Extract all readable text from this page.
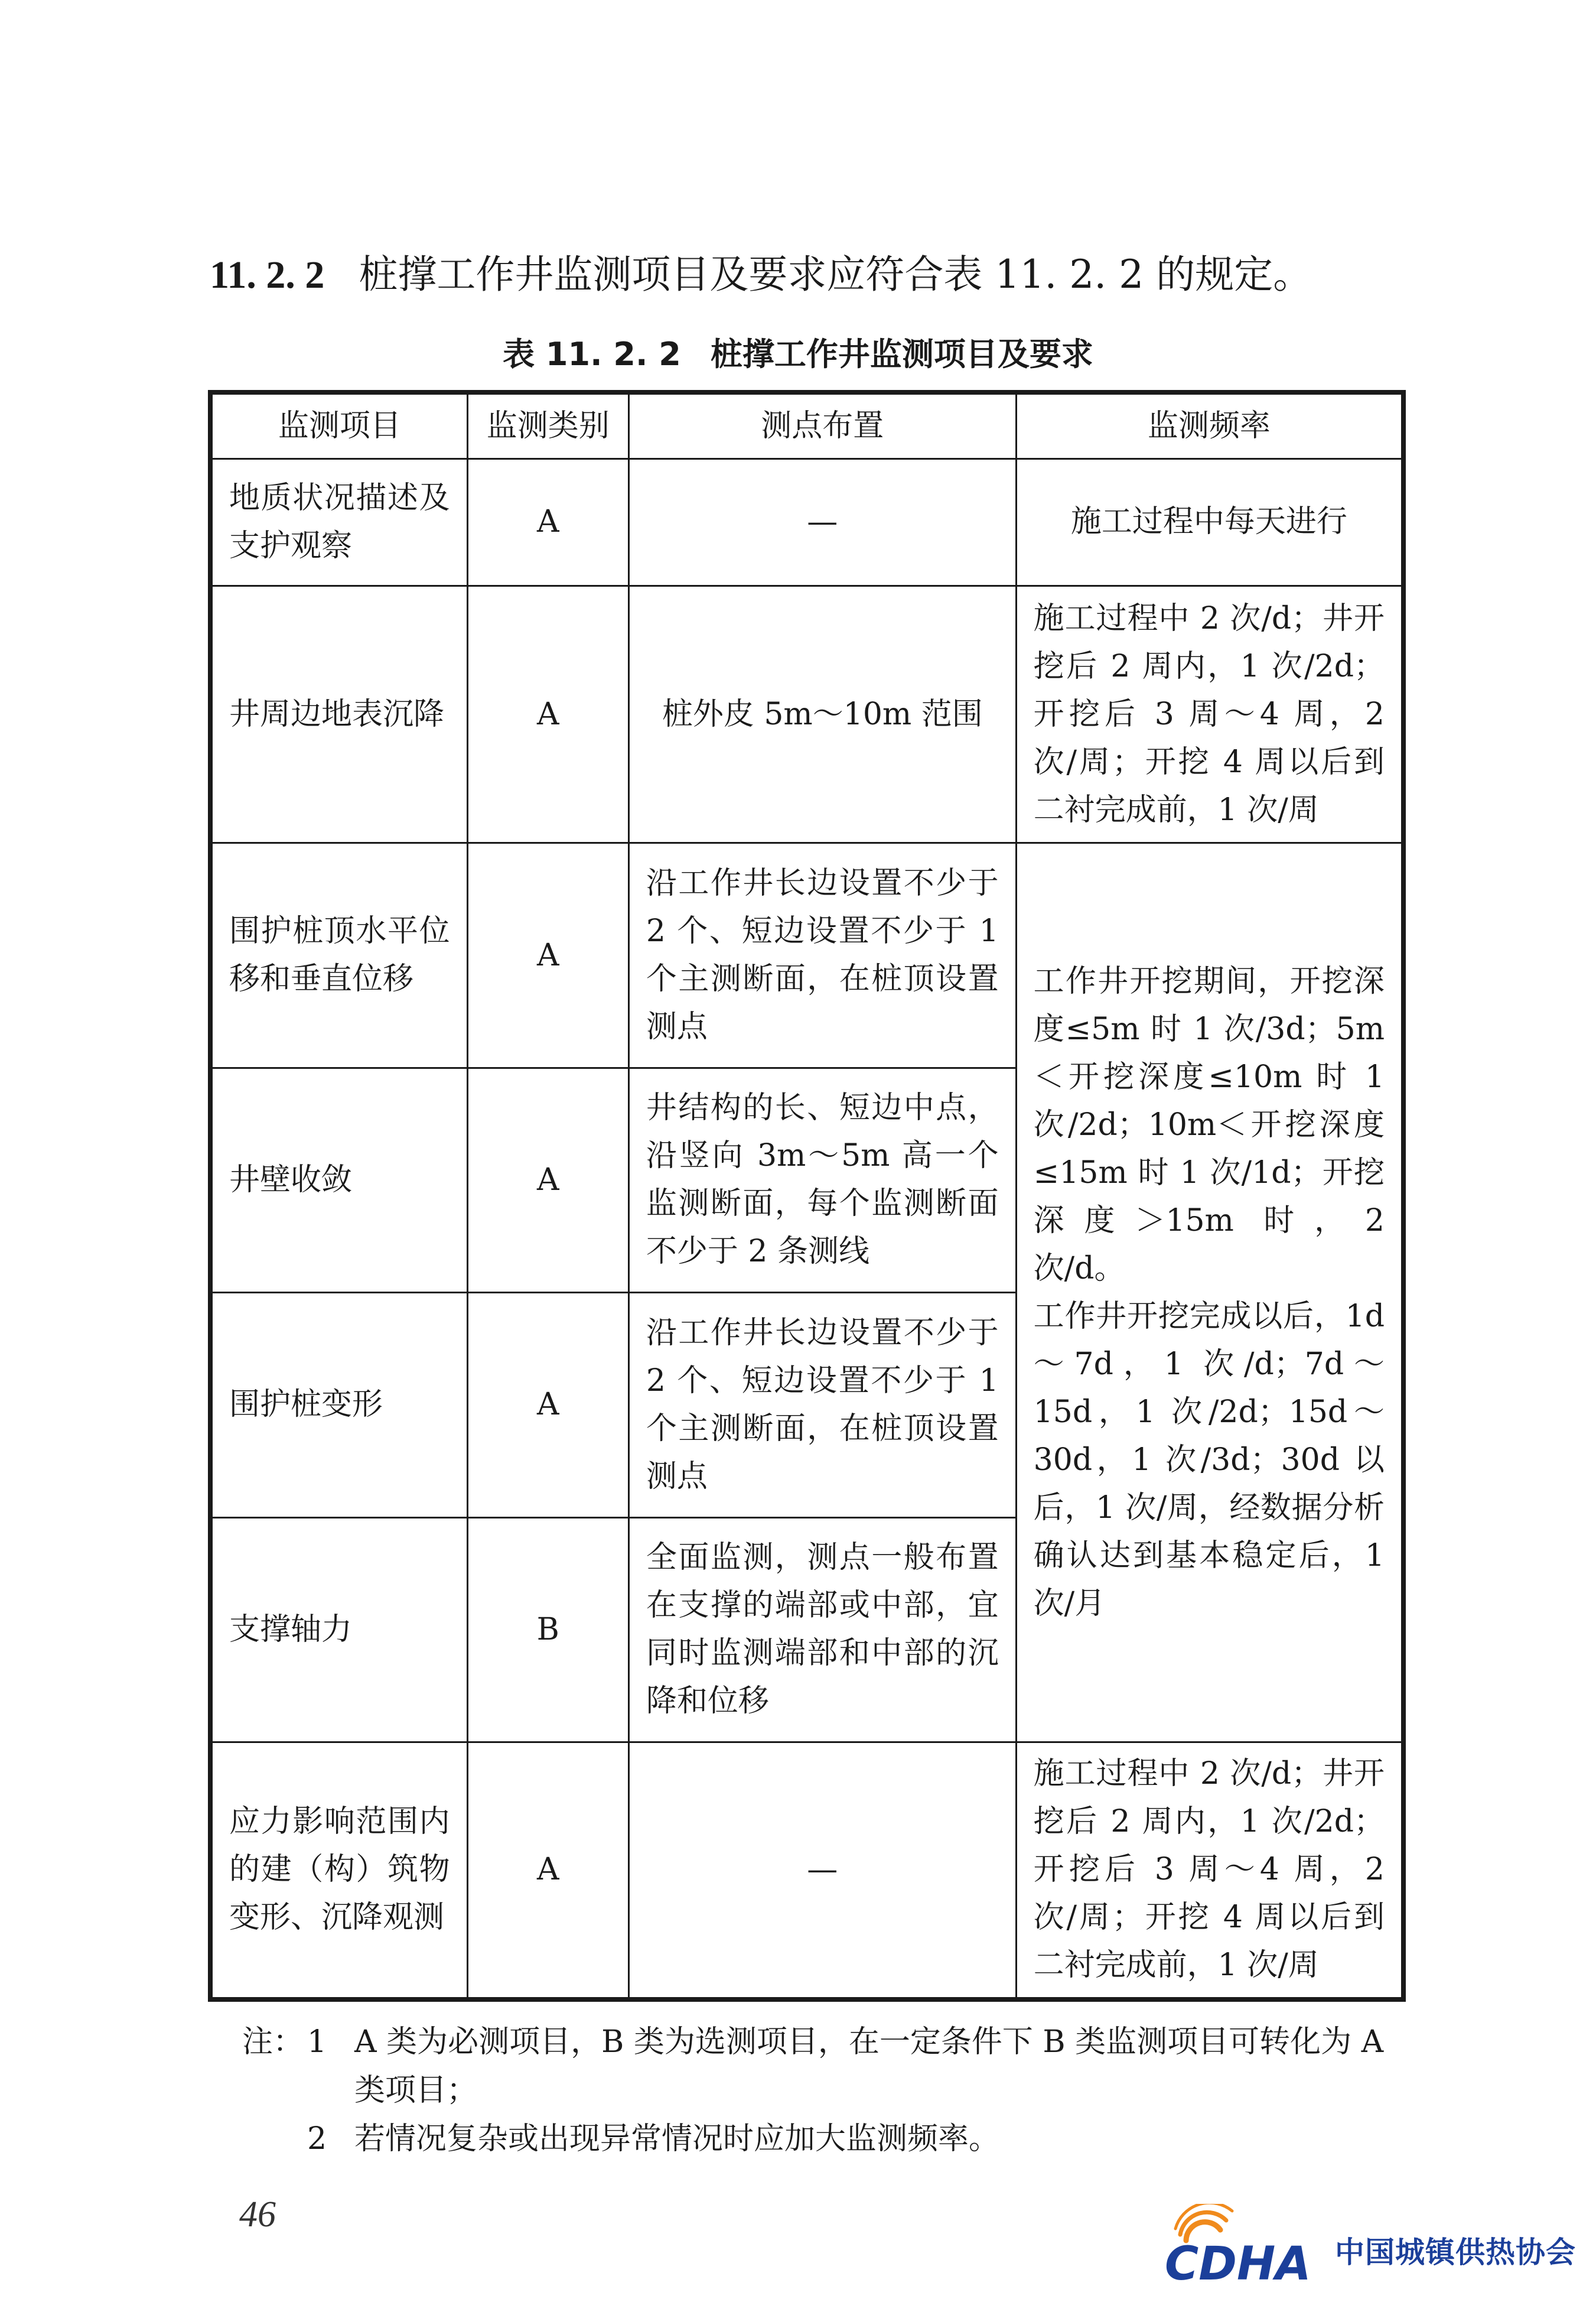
11. 2. 2 桩撑工作井监测项目及要求应符合表 11. 2. 2 的规定。
表 11. 2. 2 桩撑工作井监测项目及要求
监测项目	监测类别	测点布置	监测频率
地质状况描述及支护观察	A	—	施工过程中每天进行
井周边地表沉降	A	桩外皮 5m～10m 范围	施工过程中 2 次/d；井开挖后 2 周内，1 次/2d；开挖后 3 周～4 周，2 次/周；开挖 4 周以后到二衬完成前，1 次/周
围护桩顶水平位移和垂直位移	A	沿工作井长边设置不少于 2 个、短边设置不少于 1 个主测断面，在桩顶设置测点	工作井开挖期间，开挖深度≤5m 时 1 次/3d；5m＜开挖深度≤10m 时 1 次/2d；10m＜开挖深度≤15m 时 1 次/1d；开挖深度＞15m 时，2 次/d。
工作井开挖完成以后，1d～7d，1 次/d；7d～15d，1 次/2d；15d～30d，1 次/3d；30d 以后，1 次/周，经数据分析确认达到基本稳定后，1 次/月

井壁收敛	A	井结构的长、短边中点，沿竖向 3m～5m 高一个监测断面，每个监测断面不少于 2 条测线	
围护桩变形	A	沿工作井长边设置不少于 2 个、短边设置不少于 1 个主测断面，在桩顶设置测点	
支撑轴力	B	全面监测，测点一般布置在支撑的端部或中部，宜同时监测端部和中部的沉降和位移	
应力影响范围内的建（构）筑物变形、沉降观测	A	—	施工过程中 2 次/d；井开挖后 2 周内，1 次/2d；开挖后 3 周～4 周，2 次/周；开挖 4 周以后到二衬完成前，1 次/周
注： 1 A 类为必测项目，B 类为选测项目，在一定条件下 B 类监测项目可转化为 A 类项目；
2 若情况复杂或出现异常情况时应加大监测频率。
46
CDHA 中国城镇供热协会
